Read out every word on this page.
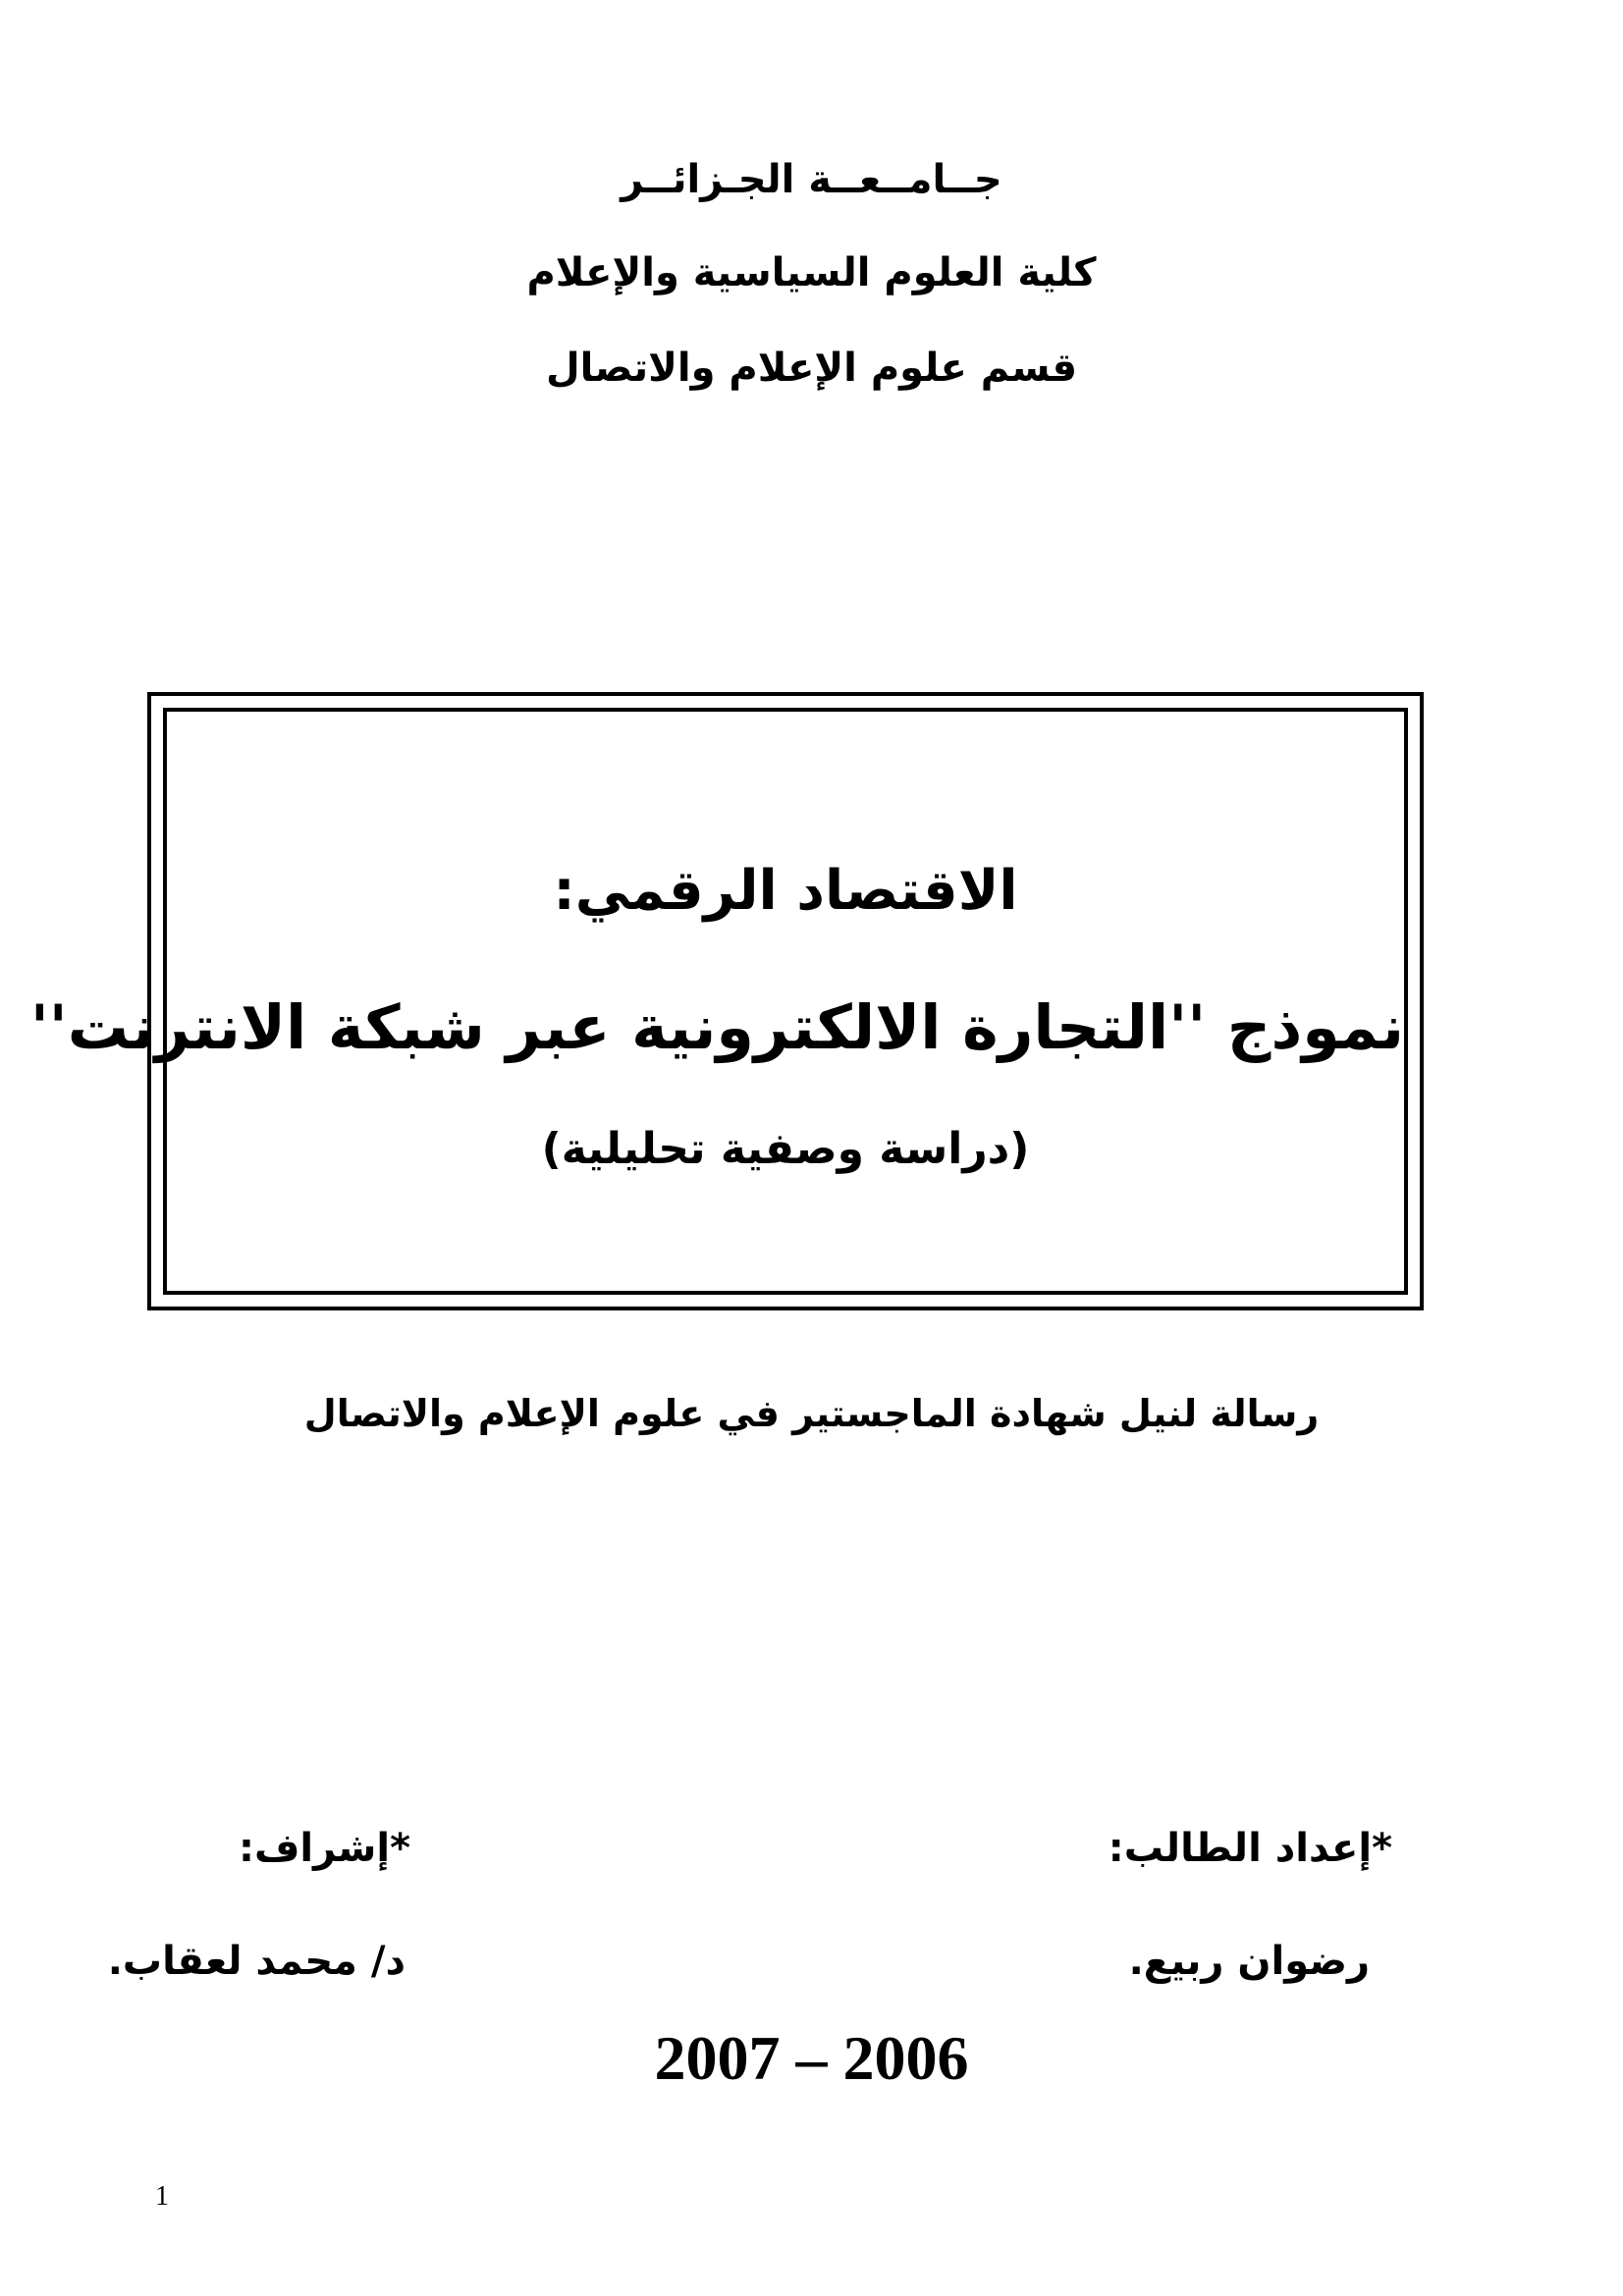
جــامــعــة الجـزائــر
كلية العلوم السياسية والإعلام
قسم علوم الإعلام والاتصال
الاقتصاد الرقمي:
نموذج ''التجارة الالكترونية عبر شبكة الانترنت''
(دراسة وصفية تحليلية)
رسالة لنيل شهادة الماجستير في علوم الإعلام والاتصال
*إعداد الطالب:
رضوان ربيع.
*إشراف:
د/ محمد لعقاب.
2007 – 2006
1
